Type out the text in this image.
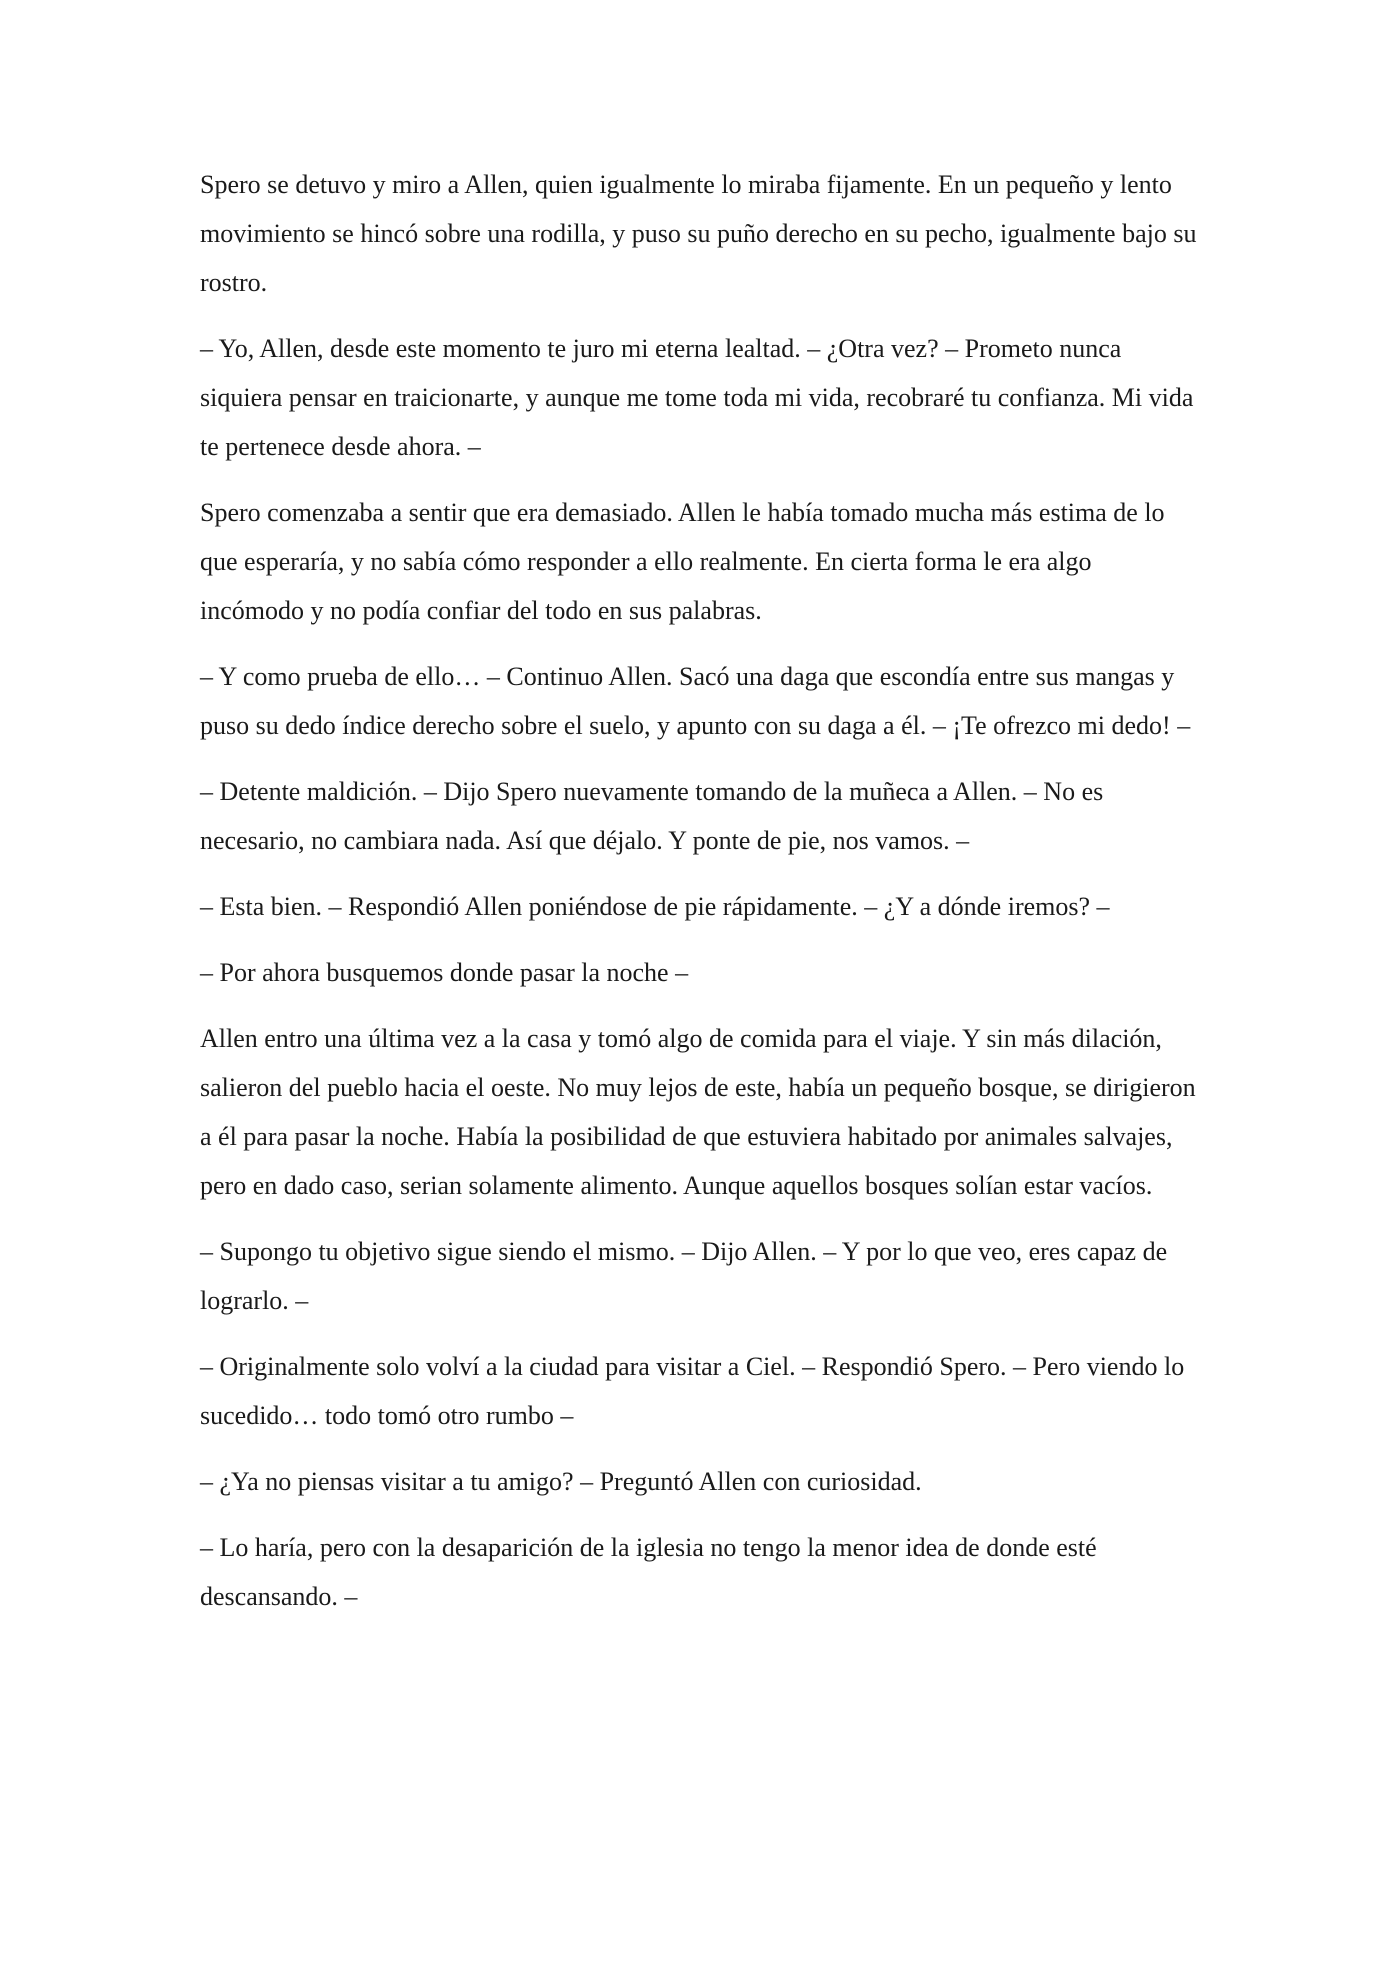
Spero se detuvo y miro a Allen, quien igualmente lo miraba fijamente. En un pequeño y lento movimiento se hincó sobre una rodilla, y puso su puño derecho en su pecho, igualmente bajo su rostro.

– Yo, Allen, desde este momento te juro mi eterna lealtad. – ¿Otra vez? – Prometo nunca siquiera pensar en traicionarte, y aunque me tome toda mi vida, recobraré tu confianza. Mi vida te pertenece desde ahora. –

Spero comenzaba a sentir que era demasiado. Allen le había tomado mucha más estima de lo que esperaría, y no sabía cómo responder a ello realmente. En cierta forma le era algo incómodo y no podía confiar del todo en sus palabras.

– Y como prueba de ello… – Continuo Allen. Sacó una daga que escondía entre sus mangas y puso su dedo índice derecho sobre el suelo, y apunto con su daga a él. – ¡Te ofrezco mi dedo! –

– Detente maldición. – Dijo Spero nuevamente tomando de la muñeca a Allen. – No es necesario, no cambiara nada. Así que déjalo. Y ponte de pie, nos vamos. –

– Esta bien. – Respondió Allen poniéndose de pie rápidamente. – ¿Y a dónde iremos? –

– Por ahora busquemos donde pasar la noche –

Allen entro una última vez a la casa y tomó algo de comida para el viaje. Y sin más dilación, salieron del pueblo hacia el oeste. No muy lejos de este, había un pequeño bosque, se dirigieron a él para pasar la noche. Había la posibilidad de que estuviera habitado por animales salvajes, pero en dado caso, serian solamente alimento. Aunque aquellos bosques solían estar vacíos.

– Supongo tu objetivo sigue siendo el mismo. – Dijo Allen. – Y por lo que veo, eres capaz de lograrlo. –

– Originalmente solo volví a la ciudad para visitar a Ciel. – Respondió Spero. – Pero viendo lo sucedido… todo tomó otro rumbo –

– ¿Ya no piensas visitar a tu amigo? – Preguntó Allen con curiosidad.

– Lo haría, pero con la desaparición de la iglesia no tengo la menor idea de donde esté descansando. –
